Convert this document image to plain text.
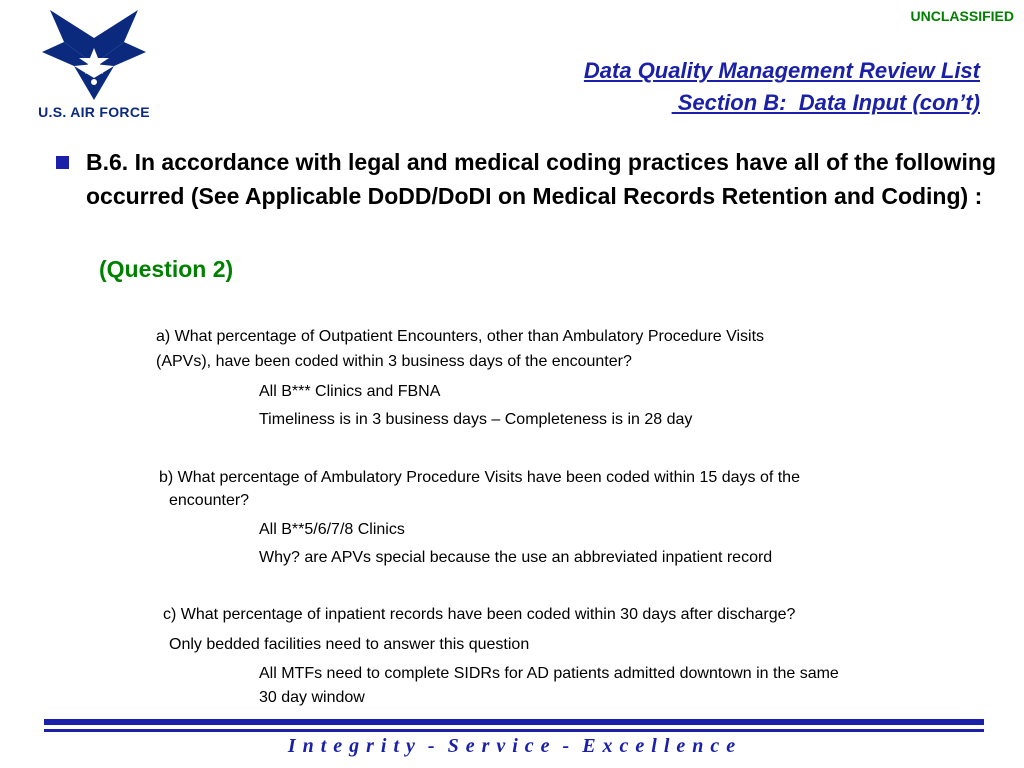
UNCLASSIFIED
U.S. AIR FORCE
Data Quality Management Review List
Section B:  Data Input (con’t)
B.6. In accordance with legal and medical coding practices have all of the following occurred (See Applicable DoDD/DoDI on Medical Records Retention and Coding) :
(Question 2)
a) What percentage of Outpatient Encounters, other than Ambulatory Procedure Visits
(APVs), have been coded within 3 business days of the encounter?
All B*** Clinics and FBNA
Timeliness is in 3 business days – Completeness is in 28 day
b) What percentage of Ambulatory Procedure Visits have been coded within 15 days of the
encounter?
All B**5/6/7/8 Clinics
Why? are APVs special because the use an abbreviated inpatient record
c) What percentage of inpatient records have been coded within 30 days after discharge?
Only bedded facilities need to answer this question
All MTFs need to complete SIDRs for AD patients admitted downtown in the same
30 day window
I n t e g r i t y  -  S e r v i c e  -  E x c e l l e n c e
